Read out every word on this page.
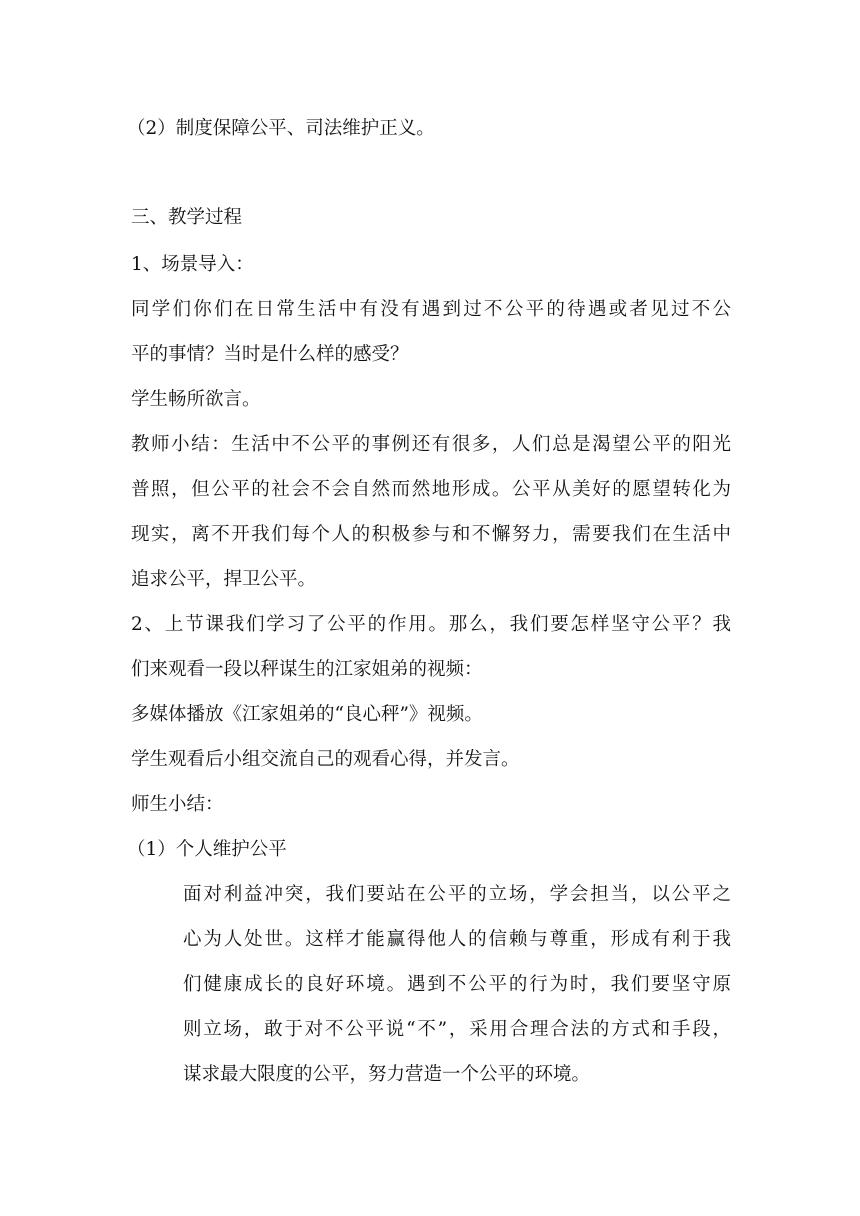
（2）制度保障公平、司法维护正义。
三、教学过程
1、场景导入：
同学们你们在日常生活中有没有遇到过不公平的待遇或者见过不公
平的事情？当时是什么样的感受？
学生畅所欲言。
教师小结：生活中不公平的事例还有很多，人们总是渴望公平的阳光
普照，但公平的社会不会自然而然地形成。公平从美好的愿望转化为
现实，离不开我们每个人的积极参与和不懈努力，需要我们在生活中
追求公平，捍卫公平。
2、上节课我们学习了公平的作用。那么，我们要怎样坚守公平？我
们来观看一段以秤谋生的江家姐弟的视频：
多媒体播放《江家姐弟的“良心秤”》视频。
学生观看后小组交流自己的观看心得，并发言。
师生小结：
（1）个人维护公平
面对利益冲突，我们要站在公平的立场，学会担当，以公平之
心为人处世。这样才能赢得他人的信赖与尊重，形成有利于我
们健康成长的良好环境。遇到不公平的行为时，我们要坚守原
则立场，敢于对不公平说“不”，采用合理合法的方式和手段，
谋求最大限度的公平，努力营造一个公平的环境。
